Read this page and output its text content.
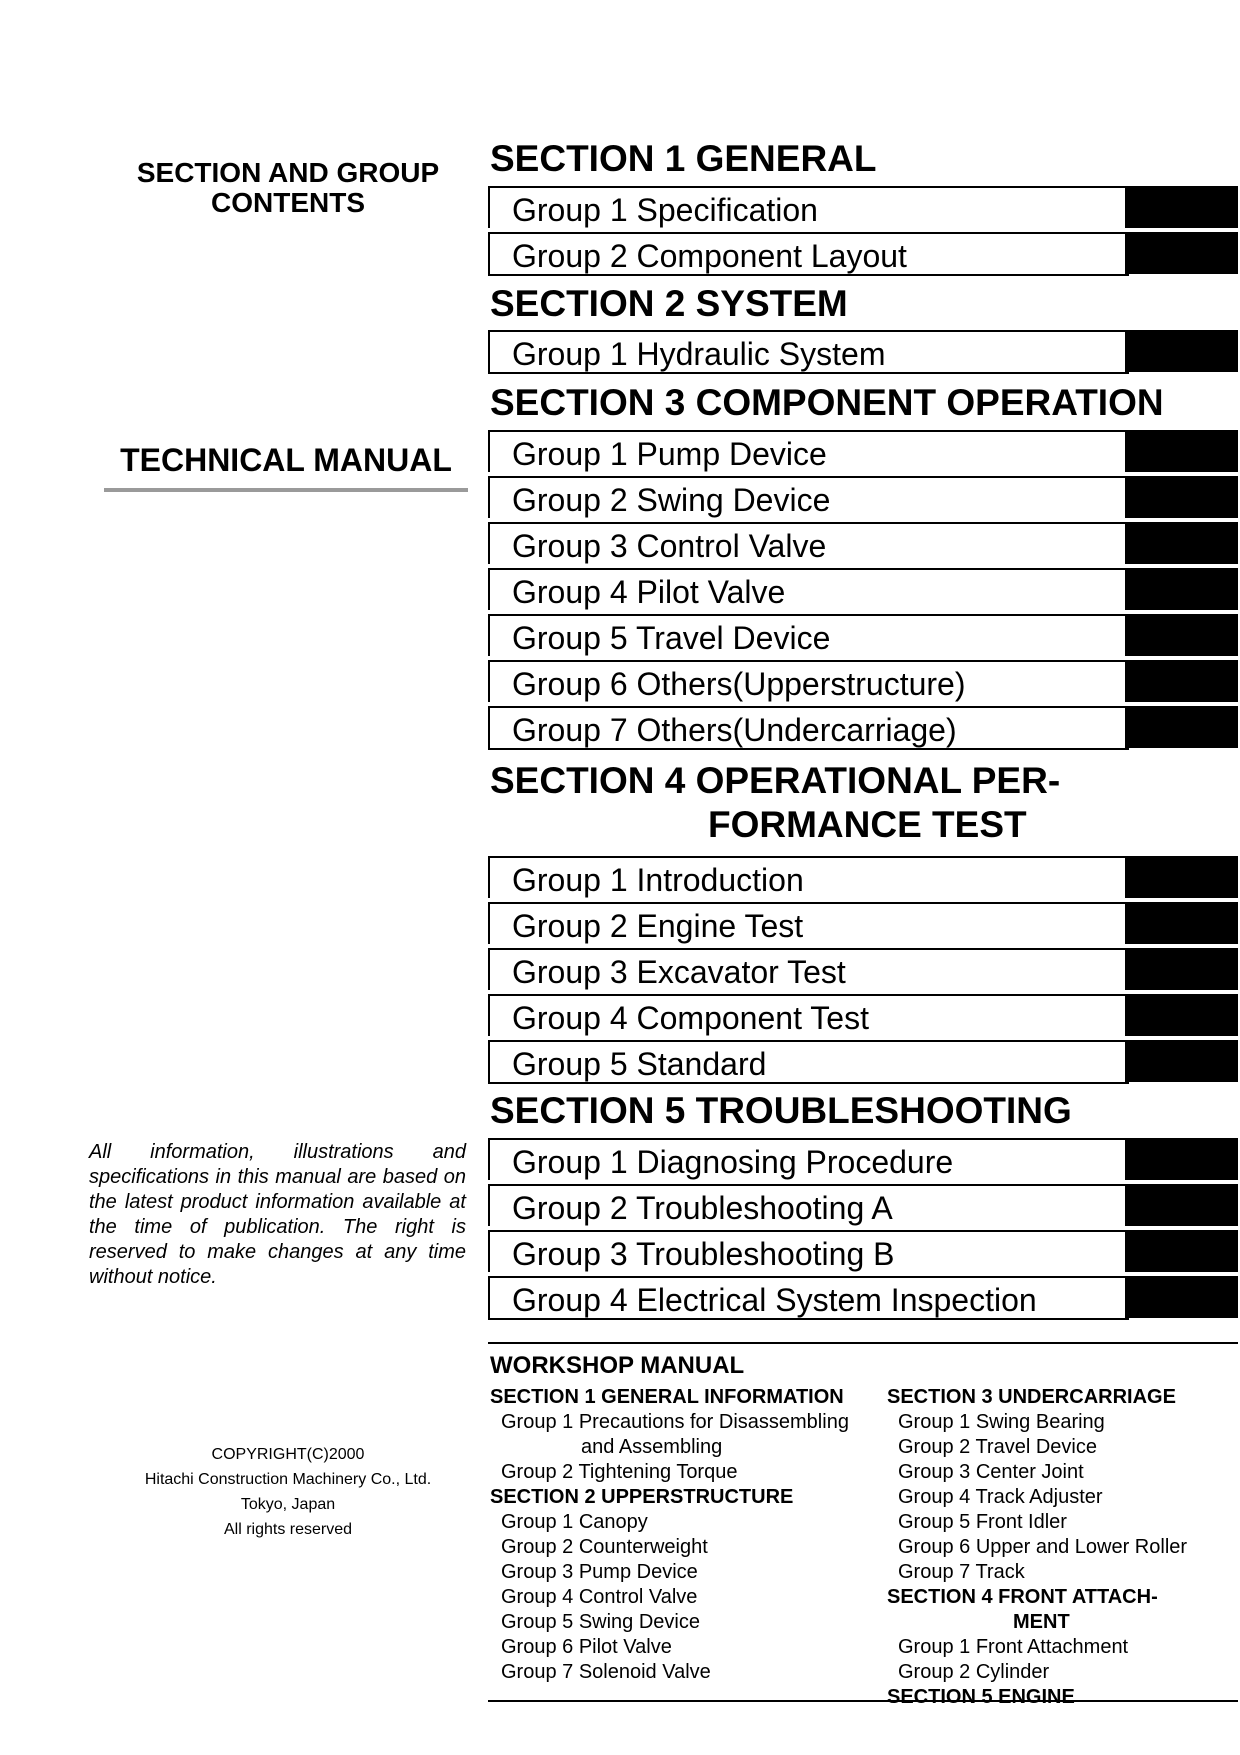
SECTION AND GROUP
CONTENTS
TECHNICAL MANUAL
All information, illustrations and specifications in this manual are based on the latest product information available at the time of publication. The right is reserved to make changes at any time without notice.
COPYRIGHT(C)2000
Hitachi Construction Machinery Co., Ltd.
Tokyo, Japan
All rights reserved
SECTION 1 GENERAL
Group 1 Specification
Group 2 Component Layout
SECTION 2 SYSTEM
Group 1 Hydraulic System
SECTION 3 COMPONENT OPERATION
Group 1 Pump Device
Group 2 Swing Device
Group 3 Control Valve
Group 4 Pilot Valve
Group 5 Travel Device
Group 6 Others(Upperstructure)
Group 7 Others(Undercarriage)
SECTION 4 OPERATIONAL PER-
FORMANCE TEST
Group 1 Introduction
Group 2 Engine Test
Group 3 Excavator Test
Group 4 Component Test
Group 5 Standard
SECTION 5 TROUBLESHOOTING
Group 1 Diagnosing Procedure
Group 2 Troubleshooting A
Group 3 Troubleshooting B
Group 4 Electrical System Inspection
WORKSHOP MANUAL
SECTION 1 GENERAL INFORMATION
Group 1 Precautions for Disassembling
and Assembling
Group 2 Tightening Torque
SECTION 2 UPPERSTRUCTURE
Group 1 Canopy
Group 2 Counterweight
Group 3 Pump Device
Group 4 Control Valve
Group 5 Swing Device
Group 6 Pilot Valve
Group 7 Solenoid Valve
SECTION 3 UNDERCARRIAGE
Group 1 Swing Bearing
Group 2 Travel Device
Group 3 Center Joint
Group 4 Track Adjuster
Group 5 Front Idler
Group 6 Upper and Lower Roller
Group 7 Track
SECTION 4 FRONT ATTACH-
MENT
Group 1 Front Attachment
Group 2 Cylinder
SECTION 5 ENGINE
